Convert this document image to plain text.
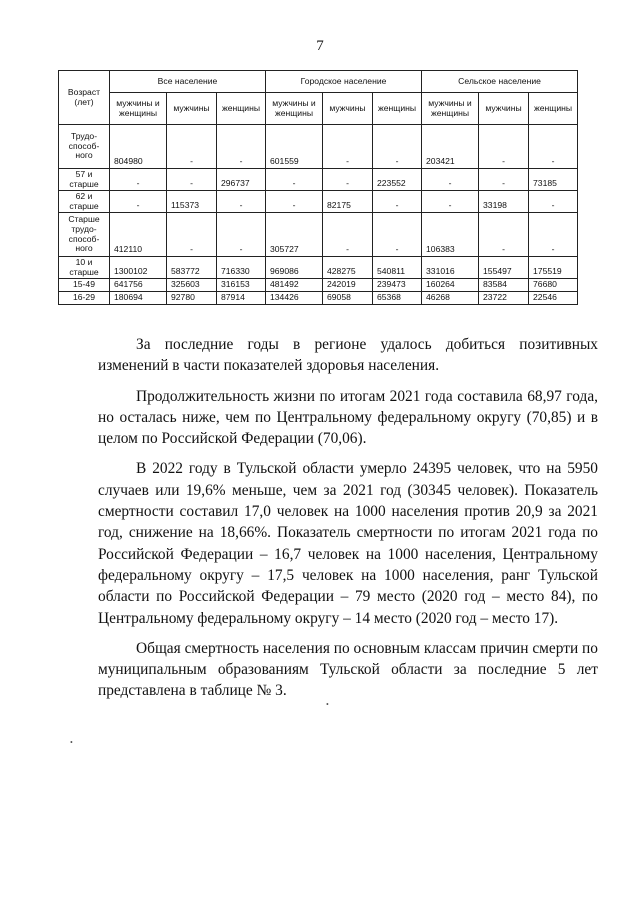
7
Возраст (лет)	Все население			Городское население			Сельское население		
	мужчины и женщины	мужчины	женщины	мужчины и женщины	мужчины	женщины	мужчины и женщины	мужчины	женщины
Трудо-способ-ного	804980	-	-	601559	-	-	203421	-	-
57 и старше	-	-	296737	-	-	223552	-	-	73185
62 и старше	-	115373	-	-	82175	-	-	33198	-
Старше трудо-способ-ного	412110	-	-	305727	-	-	106383	-	-
10 и старше	1300102	583772	716330	969086	428275	540811	331016	155497	175519
15-49	641756	325603	316153	481492	242019	239473	160264	83584	76680
16-29	180694	92780	87914	134426	69058	65368	46268	23722	22546

За последние годы в регионе удалось добиться позитивных изменений в части показателей здоровья населения.

Продолжительность жизни по итогам 2021 года составила 68,97 года, но осталась ниже, чем по Центральному федеральному округу (70,85) и в целом по Российской Федерации (70,06).

В 2022 году в Тульской области умерло 24395 человек, что на 5950 случаев или 19,6% меньше, чем за 2021 год (30345 человек). Показатель смертности составил 17,0 человек на 1000 населения против 20,9 за 2021 год, снижение на 18,66%. Показатель смертности по итогам 2021 года по Российской Федерации – 16,7 человек на 1000 населения, Центральному федеральному округу – 17,5 человек на 1000 населения, ранг Тульской области по Российской Федерации – 79 место (2020 год – место 84), по Центральному федеральному округу – 14 место (2020 год – место 17).

Общая смертность населения по основным классам причин смерти по муниципальным образованиям Тульской области за последние 5 лет представлена в таблице № 3.

•
•
